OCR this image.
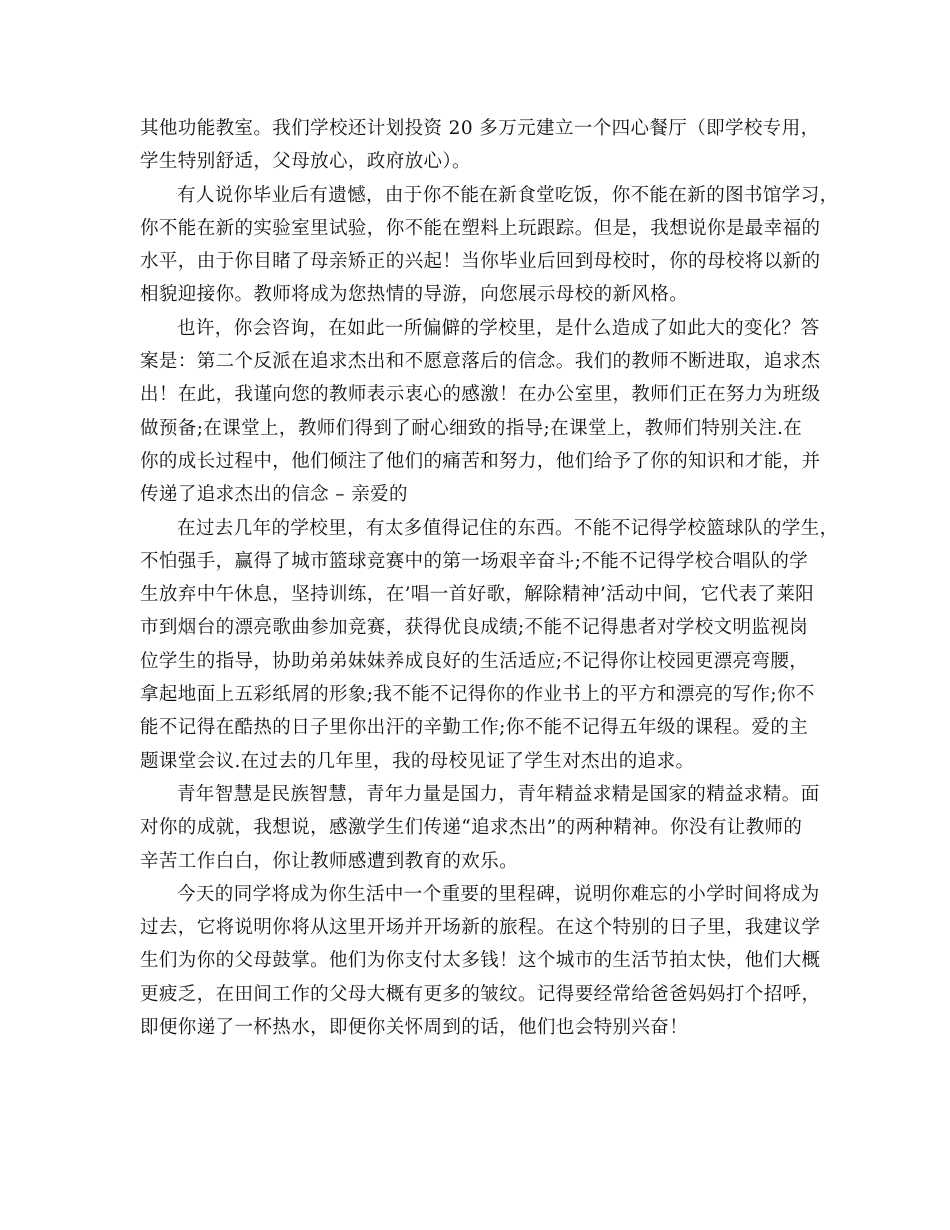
其他功能教室。我们学校还计划投资 20 多万元建立一个四心餐厅（即学校专用，
学生特别舒适，父母放心，政府放心）。
有人说你毕业后有遗憾，由于你不能在新食堂吃饭，你不能在新的图书馆学习，
你不能在新的实验室里试验，你不能在塑料上玩跟踪。但是，我想说你是最幸福的
水平，由于你目睹了母亲矫正的兴起！当你毕业后回到母校时，你的母校将以新的
相貌迎接你。教师将成为您热情的导游，向您展示母校的新风格。
也许，你会咨询，在如此一所偏僻的学校里，是什么造成了如此大的变化？答
案是：第二个反派在追求杰出和不愿意落后的信念。我们的教师不断进取，追求杰
出！在此，我谨向您的教师表示衷心的感激！在办公室里，教师们正在努力为班级
做预备;在课堂上，教师们得到了耐心细致的指导;在课堂上，教师们特别关注.在
你的成长过程中，他们倾注了他们的痛苦和努力，他们给予了你的知识和才能，并
传递了追求杰出的信念 – 亲爱的
在过去几年的学校里，有太多值得记住的东西。不能不记得学校篮球队的学生，
不怕强手，赢得了城市篮球竞赛中的第一场艰辛奋斗;不能不记得学校合唱队的学
生放弃中午休息，坚持训练，在’唱一首好歌，解除精神’活动中间，它代表了莱阳
市到烟台的漂亮歌曲参加竞赛，获得优良成绩;不能不记得患者对学校文明监视岗
位学生的指导，协助弟弟妹妹养成良好的生活适应;不记得你让校园更漂亮弯腰，
拿起地面上五彩纸屑的形象;我不能不记得你的作业书上的平方和漂亮的写作;你不
能不记得在酷热的日子里你出汗的辛勤工作;你不能不记得五年级的课程。爱的主
题课堂会议.在过去的几年里，我的母校见证了学生对杰出的追求。
青年智慧是民族智慧，青年力量是国力，青年精益求精是国家的精益求精。面
对你的成就，我想说，感激学生们传递“追求杰出”的两种精神。你没有让教师的
辛苦工作白白，你让教师感遭到教育的欢乐。
今天的同学将成为你生活中一个重要的里程碑，说明你难忘的小学时间将成为
过去，它将说明你将从这里开场并开场新的旅程。在这个特别的日子里，我建议学
生们为你的父母鼓掌。他们为你支付太多钱！这个城市的生活节拍太快，他们大概
更疲乏，在田间工作的父母大概有更多的皱纹。记得要经常给爸爸妈妈打个招呼，
即便你递了一杯热水，即便你关怀周到的话，他们也会特别兴奋！
